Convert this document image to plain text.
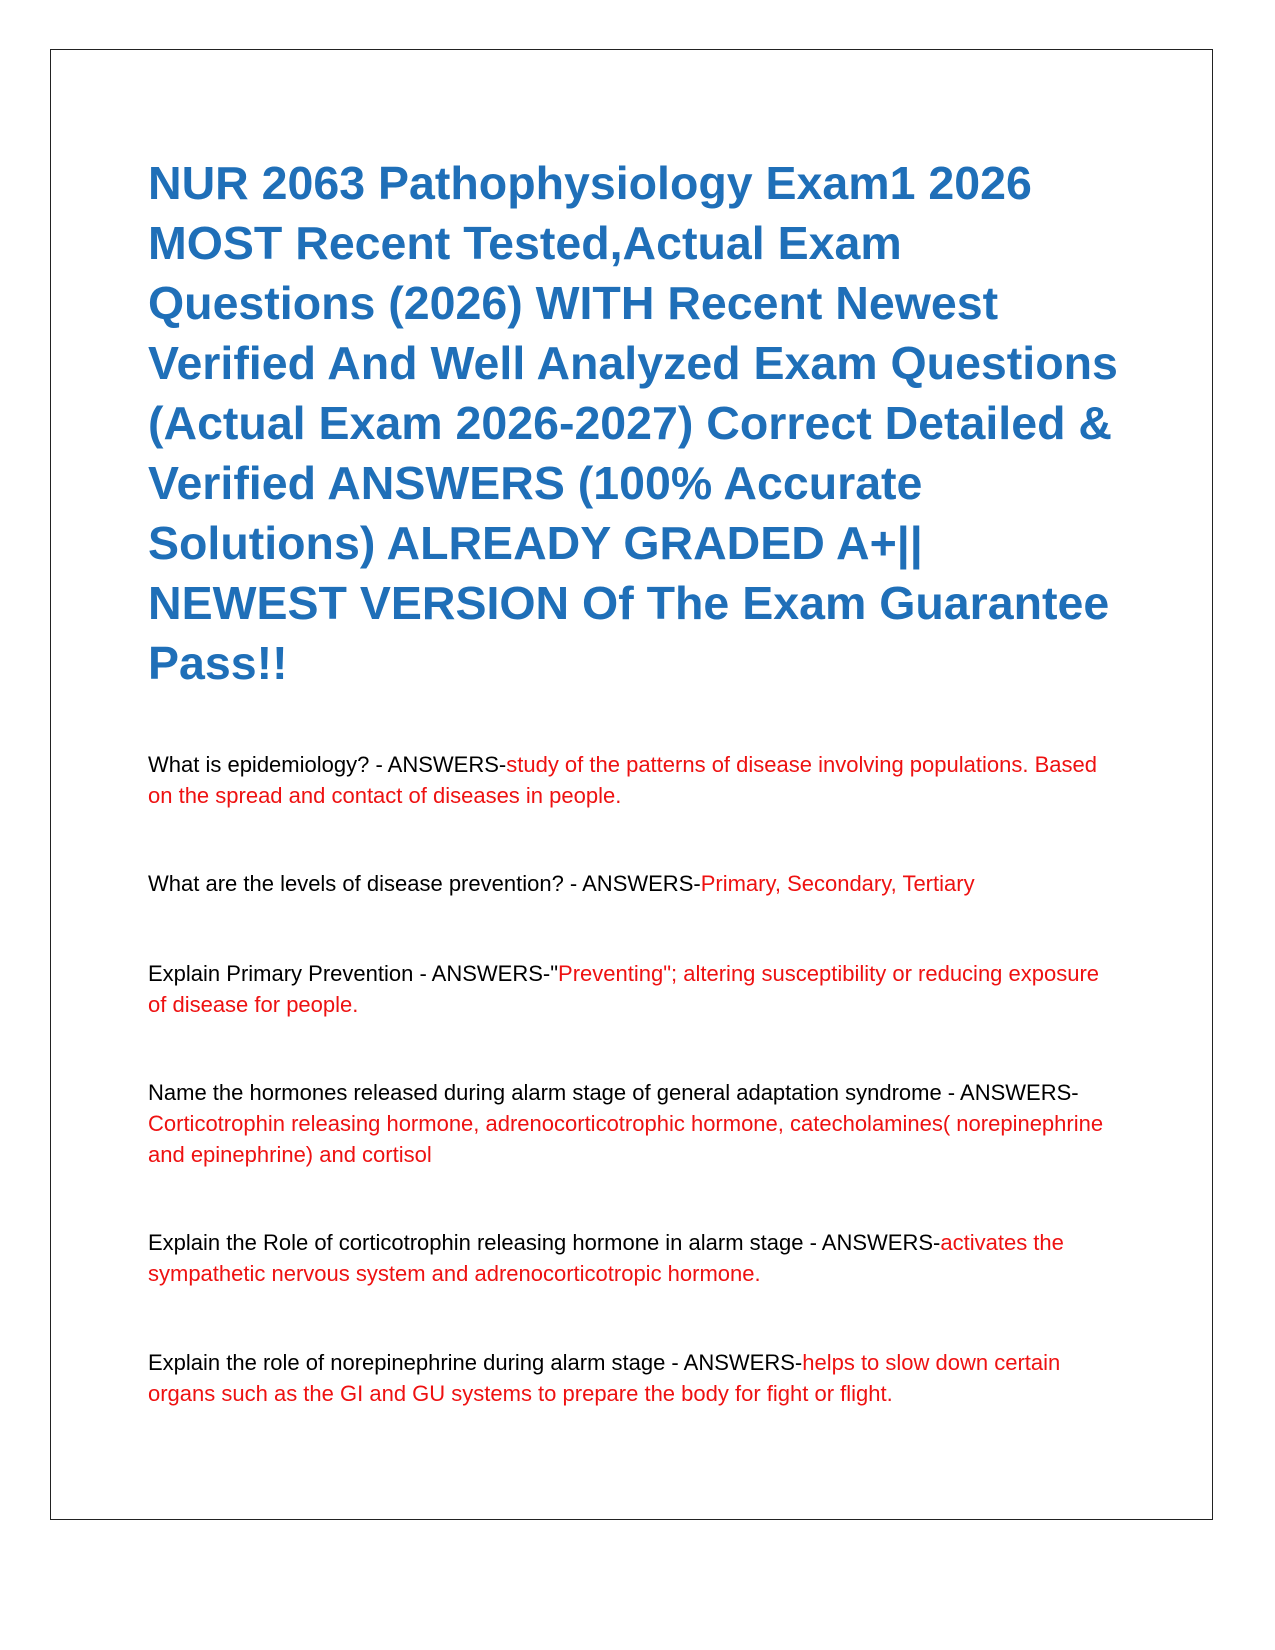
NUR 2063 Pathophysiology Exam1 2026 MOST Recent Tested,Actual Exam Questions (2026) WITH Recent Newest Verified And Well Analyzed Exam Questions (Actual Exam 2026-2027) Correct Detailed & Verified ANSWERS (100% Accurate Solutions) ALREADY GRADED A+|| NEWEST VERSION Of The Exam Guarantee Pass!!

What is epidemiology? - ANSWERS-study of the patterns of disease involving populations. Based on the spread and contact of diseases in people.

What are the levels of disease prevention? - ANSWERS-Primary, Secondary, Tertiary

Explain Primary Prevention - ANSWERS-"Preventing"; altering susceptibility or reducing exposure of disease for people.

Name the hormones released during alarm stage of general adaptation syndrome - ANSWERS-Corticotrophin releasing hormone, adrenocorticotrophic hormone, catecholamines( norepinephrine and epinephrine) and cortisol

Explain the Role of corticotrophin releasing hormone in alarm stage - ANSWERS-activates the sympathetic nervous system and adrenocorticotropic hormone.

Explain the role of norepinephrine during alarm stage - ANSWERS-helps to slow down certain organs such as the GI and GU systems to prepare the body for fight or flight.
